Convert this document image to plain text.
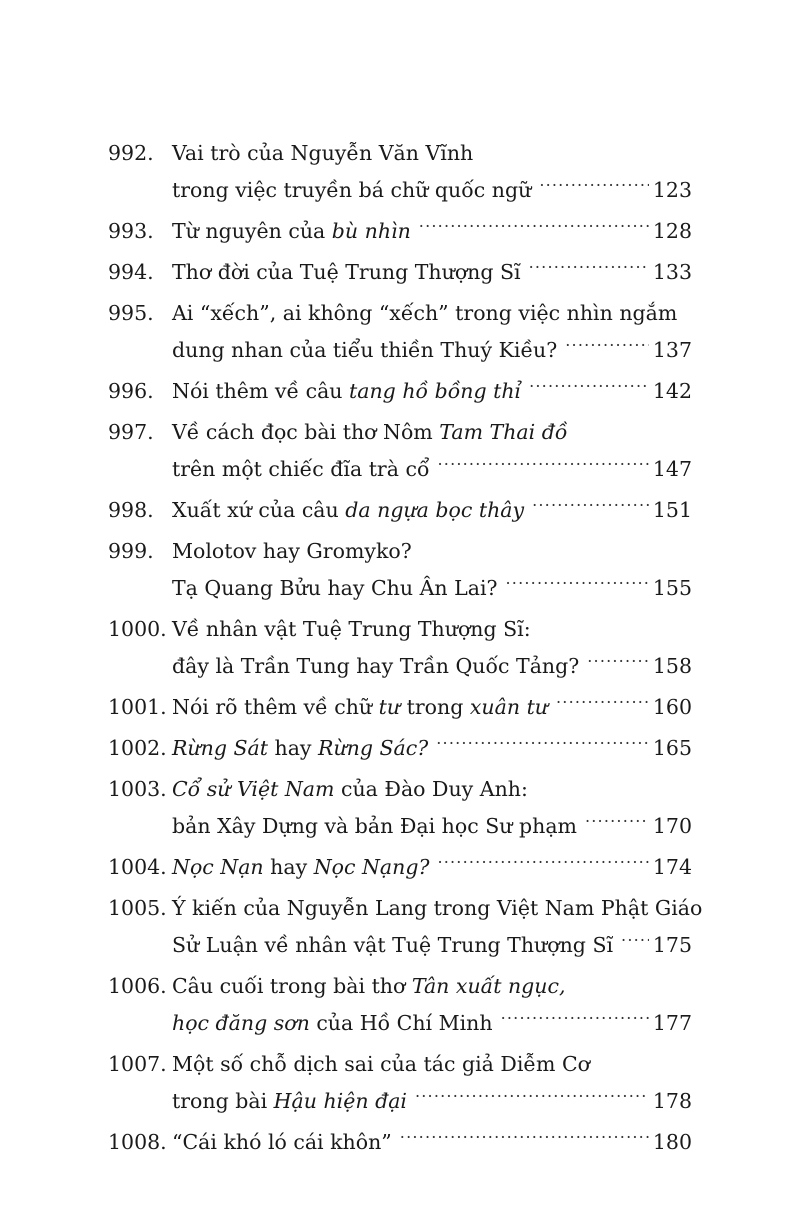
992. Vai trò của Nguyễn Văn Vĩnh
trong việc truyền bá chữ quốc ngữ .....	123
993. Từ nguyên của bù nhìn .....	128
994. Thơ đời của Tuệ Trung Thượng Sĩ .....	133
995. Ai “xếch”, ai không “xếch” trong việc nhìn ngắm
dung nhan của tiểu thiền Thuý Kiều? .....	137
996. Nói thêm về câu tang hồ bồng thỉ .....	142
997. Về cách đọc bài thơ Nôm Tam Thai đồ
trên một chiếc đĩa trà cổ .....	147
998. Xuất xứ của câu da ngựa bọc thây .....	151
999. Molotov hay Gromyko?
Tạ Quang Bửu hay Chu Ân Lai? .....	155
1000. Về nhân vật Tuệ Trung Thượng Sĩ:
đây là Trần Tung hay Trần Quốc Tảng? .....	158
1001. Nói rõ thêm về chữ tư trong xuân tư .....	160
1002. Rừng Sát hay Rừng Sác? .....	165
1003. Cổ sử Việt Nam của Đào Duy Anh:
bản Xây Dựng và bản Đại học Sư phạm .....	170
1004. Nọc Nạn hay Nọc Nạng? .....	174
1005. Ý kiến của Nguyễn Lang trong Việt Nam Phật Giáo
Sử Luận về nhân vật Tuệ Trung Thượng Sĩ ..... 175
1006. Câu cuối trong bài thơ Tân xuất ngục,
học đăng sơn của Hồ Chí Minh .....	177
1007. Một số chỗ dịch sai của tác giả Diễm Cơ
trong bài Hậu hiện đại .....	178
1008. “Cái khó ló cái khôn” .....	180
